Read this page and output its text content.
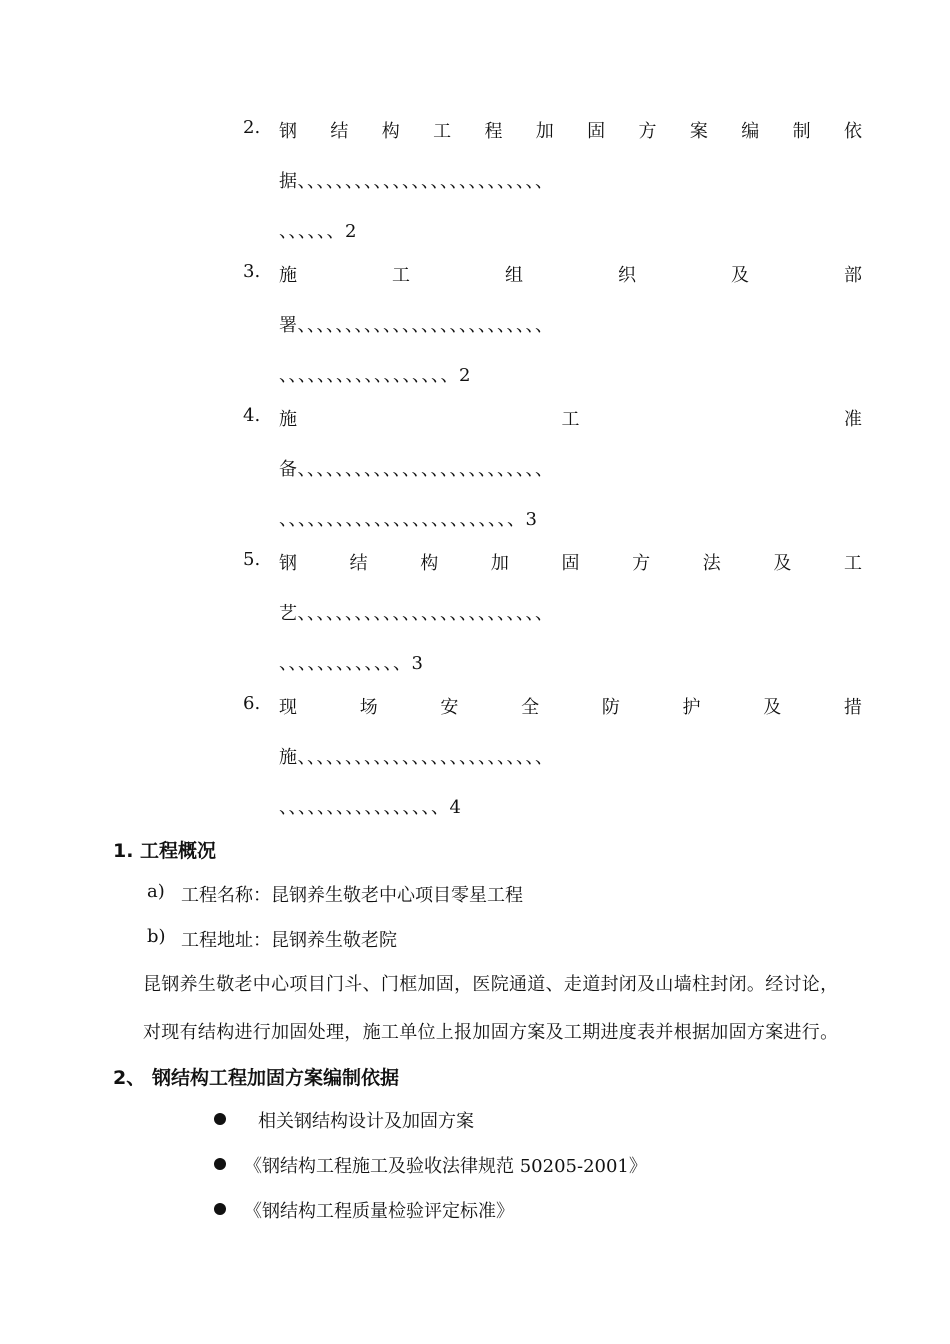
2.	钢 结 构 工 程 加 固 方 案 编 制 依
据、、、、、、、、、、、、、、、、、、、、、、、、、、
、、、、、、2
3.	施	工	组	织	及	部
署、、、、、、、、、、、、、、、、、、、、、、、、、、
、、、、、、、、、、、、、、、、、、2
4.	施	工	准
备、、、、、、、、、、、、、、、、、、、、、、、、、、
、、、、、、、、、、、、、、、、、、、、、、、、、3
5.	钢	结	构	加	固	方	法	及	工
艺、、、、、、、、、、、、、、、、、、、、、、、、、、
、、、、、、、、、、、、、3
6.	现	场	安	全	防	护	及	措
施、、、、、、、、、、、、、、、、、、、、、、、、、、
、、、、、、、、、、、、、、、、、4
1. 工程概况
a) 工程名称：昆钢养生敬老中心项目零星工程
b) 工程地址：昆钢养生敬老院
昆钢养生敬老中心项目门斗、门框加固，医院通道、走道封闭及山墙柱封闭。经讨论，
对现有结构进行加固处理，施工单位上报加固方案及工期进度表并根据加固方案进行。
2、 钢结构工程加固方案编制依据
相关钢结构设计及加固方案
《钢结构工程施工及验收法律规范 50205-2001》
《钢结构工程质量检验评定标准》
